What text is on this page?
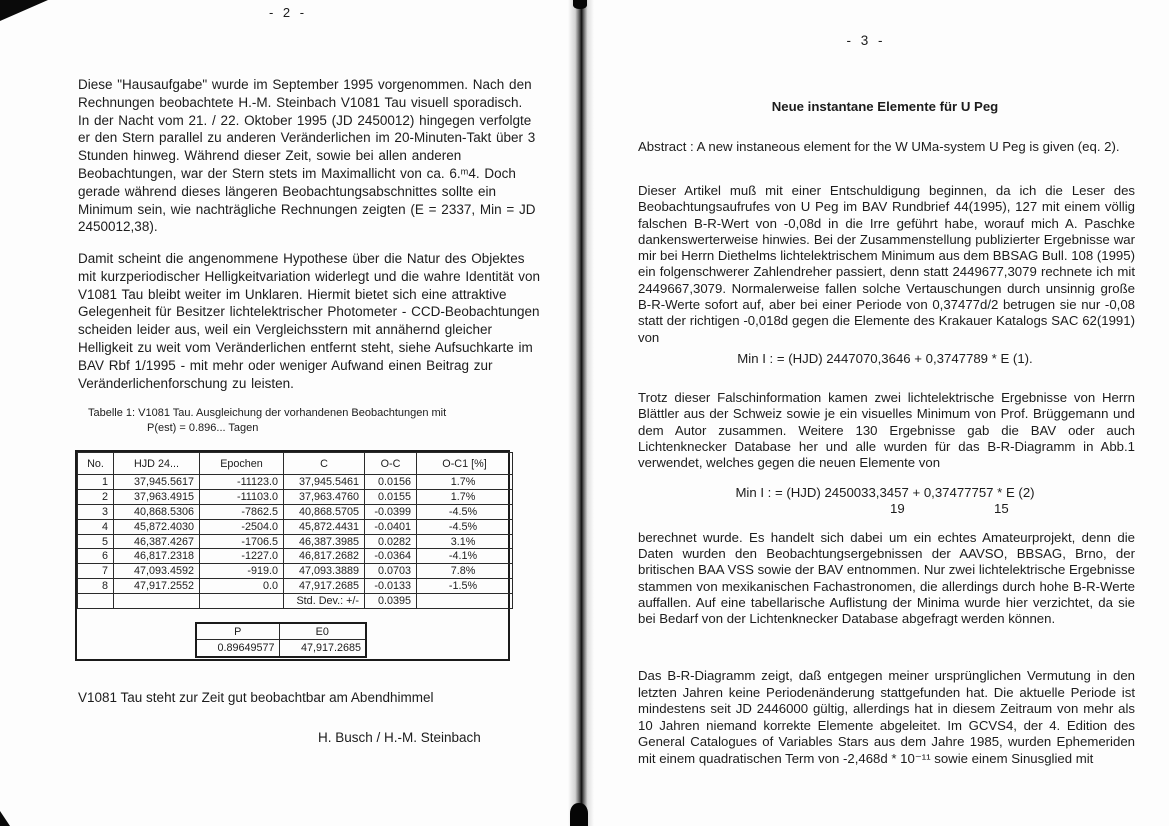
- 2 -
Diese "Hausaufgabe" wurde im September 1995 vorgenommen. Nach den Rechnungen beobachtete H.-M. Steinbach V1081 Tau visuell sporadisch. In der Nacht vom 21. / 22. Oktober 1995 (JD 2450012) hingegen verfolgte er den Stern parallel zu anderen Veränderlichen im 20-Minuten-Takt über 3 Stunden hinweg. Während dieser Zeit, sowie bei allen anderen Beobachtungen, war der Stern stets im Maximallicht von ca. 6.ᵐ4. Doch gerade während dieses längeren Beobachtungsabschnittes sollte ein Minimum sein, wie nachträgliche Rechnungen zeigten (E = 2337, Min = JD 2450012,38).
Damit scheint die angenommene Hypothese über die Natur des Objektes mit kurzperiodischer Helligkeitvariation widerlegt und die wahre Identität von V1081 Tau bleibt weiter im Unklaren. Hiermit bietet sich eine attraktive Gelegenheit für Besitzer lichtelektrischer Photometer - CCD-Beobachtungen scheiden leider aus, weil ein Vergleichsstern mit annähernd gleicher Helligkeit zu weit vom Veränderlichen entfernt steht, siehe Aufsuchkarte im BAV Rbf 1/1995 - mit mehr oder weniger Aufwand einen Beitrag zur Veränderlichenforschung zu leisten.
Tabelle 1: V1081 Tau. Ausgleichung der vorhandenen Beobachtungen mit
P(est) = 0.896... Tagen
No.	HJD 24...	Epochen	C	O-C	O-C1 [%]
1	37,945.5617	-11123.0	37,945.5461	0.0156	1.7%
2	37,963.4915	-11103.0	37,963.4760	0.0155	1.7%
3	40,868.5306	-7862.5	40,868.5705	-0.0399	-4.5%
4	45,872.4030	-2504.0	45,872.4431	-0.0401	-4.5%
5	46,387.4267	-1706.5	46,387.3985	0.0282	3.1%
6	46,817.2318	-1227.0	46,817.2682	-0.0364	-4.1%
7	47,093.4592	-919.0	47,093.3889	0.0703	7.8%
8	47,917.2552	0.0	47,917.2685	-0.0133	-1.5%
			Std. Dev.: +/-	0.0395	
P	E0
0.89649577	47,917.2685
V1081 Tau steht zur Zeit gut beobachtbar am Abendhimmel
H. Busch / H.-M. Steinbach
- 3 -
Neue instantane Elemente für U Peg
Abstract : A new instaneous element for the W UMa-system U Peg is given (eq. 2).
Dieser Artikel muß mit einer Entschuldigung beginnen, da ich die Leser des Beobachtungsaufrufes von U Peg im BAV Rundbrief 44(1995), 127 mit einem völlig falschen B-R-Wert von -0,08d in die Irre geführt habe, worauf mich A. Paschke dankenswerterweise hinwies. Bei der Zusammenstellung publizierter Ergebnisse war mir bei Herrn Diethelms lichtelektrischem Minimum aus dem BBSAG Bull. 108 (1995) ein folgenschwerer Zahlendreher passiert, denn statt 2449677,3079 rechnete ich mit 2449667,3079. Normalerweise fallen solche Vertauschungen durch unsinnig große B-R-Werte sofort auf, aber bei einer Periode von 0,37477d/2 betrugen sie nur -0,08 statt der richtigen -0,018d gegen die Elemente des Krakauer Katalogs SAC 62(1991) von
Min I : = (HJD) 2447070,3646 + 0,3747789 * E (1).
Trotz dieser Falschinformation kamen zwei lichtelektrische Ergebnisse von Herrn Blättler aus der Schweiz sowie je ein visuelles Minimum von Prof. Brüggemann und dem Autor zusammen. Weitere 130 Ergebnisse gab die BAV oder auch Lichtenknecker Database her und alle wurden für das B-R-Diagramm in Abb.1 verwendet, welches gegen die neuen Elemente von
Min I : = (HJD) 2450033,3457 + 0,37477757 * E (2)
19	15
berechnet wurde. Es handelt sich dabei um ein echtes Amateurprojekt, denn die Daten wurden den Beobachtungsergebnissen der AAVSO, BBSAG, Brno, der britischen BAA VSS sowie der BAV entnommen. Nur zwei lichtelektrische Ergebnisse stammen von mexikanischen Fachastronomen, die allerdings durch hohe B-R-Werte auffallen. Auf eine tabellarische Auflistung der Minima wurde hier verzichtet, da sie bei Bedarf von der Lichtenknecker Database abgefragt werden können.
Das B-R-Diagramm zeigt, daß entgegen meiner ursprünglichen Vermutung in den letzten Jahren keine Periodenänderung stattgefunden hat. Die aktuelle Periode ist mindestens seit JD 2446000 gültig, allerdings hat in diesem Zeitraum von mehr als 10 Jahren niemand korrekte Elemente abgeleitet. Im GCVS4, der 4. Edition des General Catalogues of Variables Stars aus dem Jahre 1985, wurden Ephemeriden mit einem quadratischen Term von -2,468d * 10⁻¹¹ sowie einem Sinusglied mit
